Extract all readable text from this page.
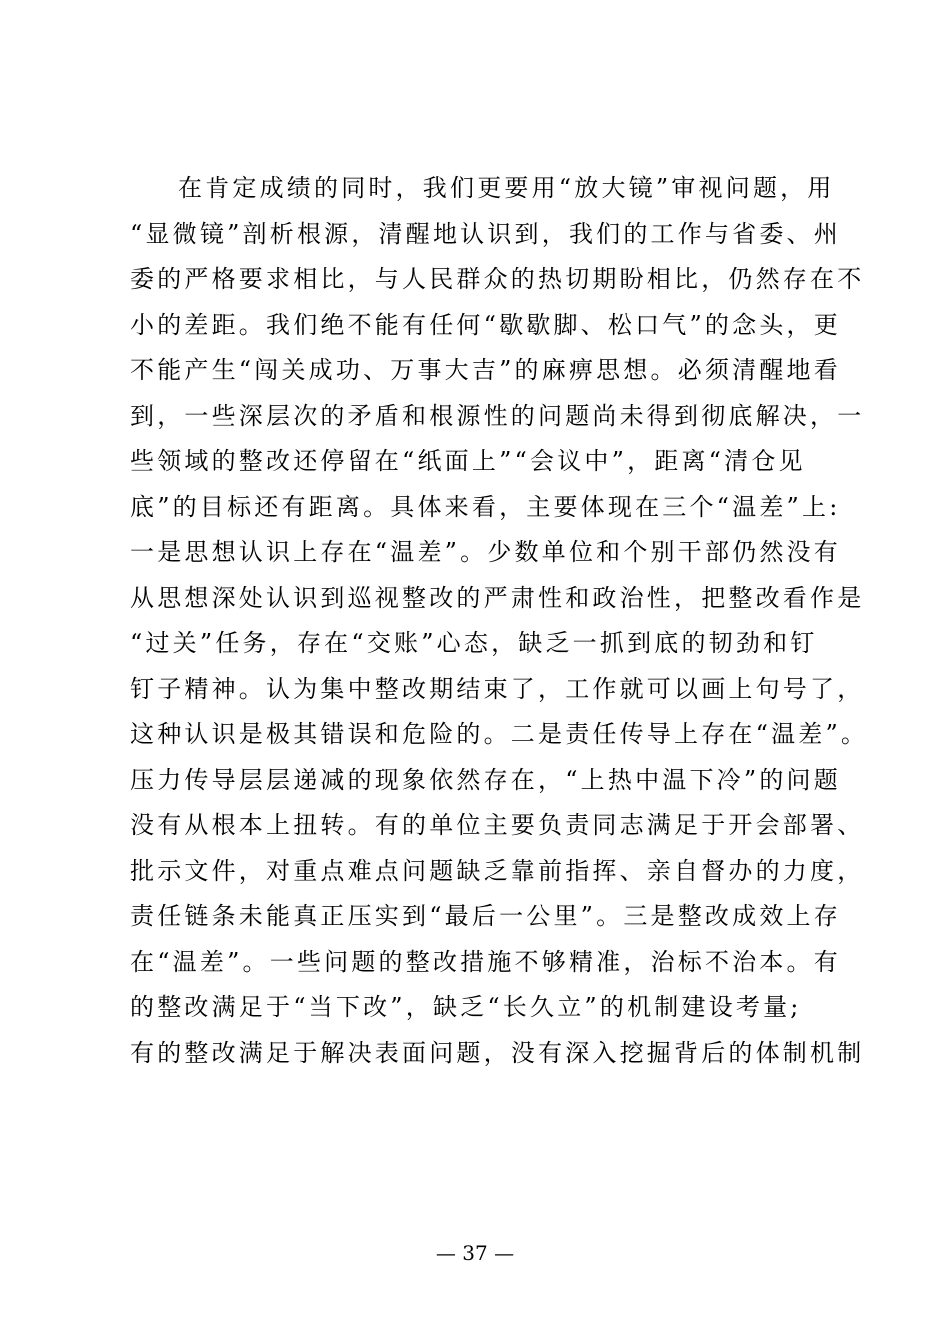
在肯定成绩的同时，我们更要用“放大镜”审视问题，用
“显微镜”剖析根源，清醒地认识到，我们的工作与省委、州
委的严格要求相比，与人民群众的热切期盼相比，仍然存在不
小的差距。我们绝不能有任何“歇歇脚、松口气”的念头，更
不能产生“闯关成功、万事大吉”的麻痹思想。必须清醒地看
到，一些深层次的矛盾和根源性的问题尚未得到彻底解决，一
些领域的整改还停留在“纸面上”“会议中”，距离“清仓见
底”的目标还有距离。具体来看，主要体现在三个“温差”上:
一是思想认识上存在“温差”。少数单位和个别干部仍然没有
从思想深处认识到巡视整改的严肃性和政治性，把整改看作是
“过关”任务，存在“交账”心态，缺乏一抓到底的韧劲和钉
钉子精神。认为集中整改期结束了，工作就可以画上句号了，
这种认识是极其错误和危险的。二是责任传导上存在“温差”。
压力传导层层递减的现象依然存在，“上热中温下冷”的问题
没有从根本上扭转。有的单位主要负责同志满足于开会部署、
批示文件，对重点难点问题缺乏靠前指挥、亲自督办的力度，
责任链条未能真正压实到“最后一公里”。三是整改成效上存
在“温差”。一些问题的整改措施不够精准，治标不治本。有
的整改满足于“当下改”，缺乏“长久立”的机制建设考量;
有的整改满足于解决表面问题，没有深入挖掘背后的体制机制
— 37 —
